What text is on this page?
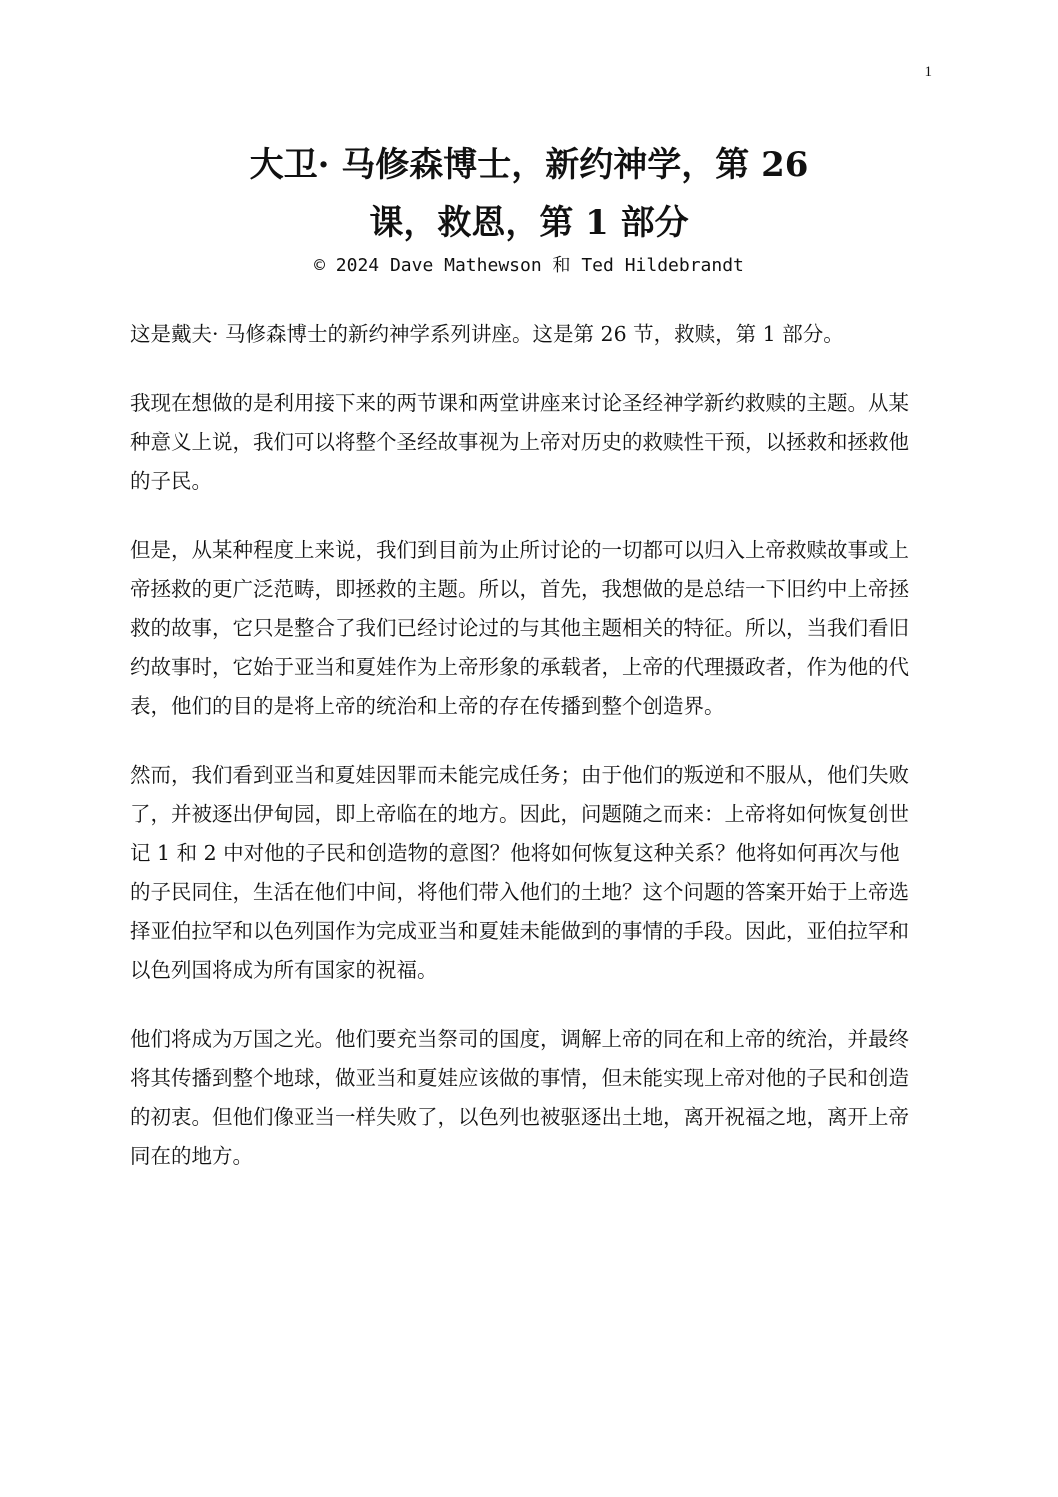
1
大卫· 马修森博士，新约神学，第 26
课，救恩，第 1 部分
© 2024 Dave Mathewson 和 Ted Hildebrandt

这是戴夫· 马修森博士的新约神学系列讲座。这是第 26 节，救赎，第 1 部分。

我现在想做的是利用接下来的两节课和两堂讲座来讨论圣经神学新约救赎的主题。从某种意义上说，我们可以将整个圣经故事视为上帝对历史的救赎性干预，以拯救和拯救他的子民。

但是，从某种程度上来说，我们到目前为止所讨论的一切都可以归入上帝救赎故事或上帝拯救的更广泛范畴，即拯救的主题。所以，首先，我想做的是总结一下旧约中上帝拯救的故事，它只是整合了我们已经讨论过的与其他主题相关的特征。所以，当我们看旧约故事时，它始于亚当和夏娃作为上帝形象的承载者，上帝的代理摄政者，作为他的代表，他们的目的是将上帝的统治和上帝的存在传播到整个创造界。

然而，我们看到亚当和夏娃因罪而未能完成任务；由于他们的叛逆和不服从，他们失败了，并被逐出伊甸园，即上帝临在的地方。因此，问题随之而来：上帝将如何恢复创世记 1 和 2 中对他的子民和创造物的意图？他将如何恢复这种关系？他将如何再次与他的子民同住，生活在他们中间，将他们带入他们的土地？这个问题的答案开始于上帝选择亚伯拉罕和以色列国作为完成亚当和夏娃未能做到的事情的手段。因此，亚伯拉罕和以色列国将成为所有国家的祝福。

他们将成为万国之光。他们要充当祭司的国度，调解上帝的同在和上帝的统治，并最终将其传播到整个地球，做亚当和夏娃应该做的事情，但未能实现上帝对他的子民和创造的初衷。但他们像亚当一样失败了，以色列也被驱逐出土地，离开祝福之地，离开上帝同在的地方。
